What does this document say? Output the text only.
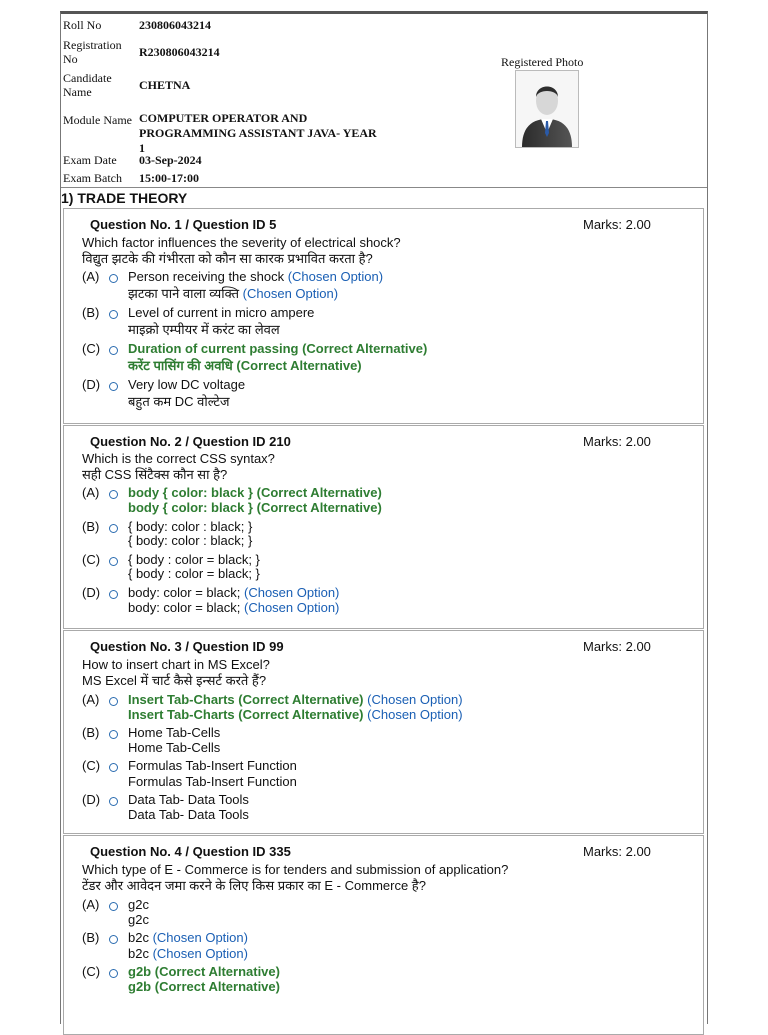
Roll No	230806043214
Registration No	R230806043214
Candidate Name	CHETNA
Module Name COMPUTER OPERATOR AND PROGRAMMING ASSISTANT JAVA- YEAR 1
Exam Date	03-Sep-2024
Exam Batch	15:00-17:00
Registered Photo
1) TRADE THEORY
Question No. 1 / Question ID 5	Marks: 2.00
Which factor influences the severity of electrical shock?
विद्युत झटके की गंभीरता को कौन सा कारक प्रभावित करता है?
(A) Person receiving the shock (Chosen Option)
झटका पाने वाला व्यक्ति (Chosen Option)
(B) Level of current in micro ampere
माइक्रो एम्पीयर में करंट का लेवल
(C) Duration of current passing (Correct Alternative)
करेंट पासिंग की अवधि (Correct Alternative)
(D) Very low DC voltage
बहुत कम DC वोल्टेज
Question No. 2 / Question ID 210	Marks: 2.00
Which is the correct CSS syntax?
सही CSS सिंटैक्स कौन सा है?
(A) body { color: black } (Correct Alternative)
body { color: black } (Correct Alternative)
(B) { body: color : black; }
{ body: color : black; }
(C) { body : color = black; }
{ body : color = black; }
(D) body: color = black; (Chosen Option)
body: color = black; (Chosen Option)
Question No. 3 / Question ID 99	Marks: 2.00
How to insert chart in MS Excel?
MS Excel में चार्ट कैसे इन्सर्ट करते हैं?
(A) Insert Tab-Charts (Correct Alternative) (Chosen Option)
Insert Tab-Charts (Correct Alternative) (Chosen Option)
(B) Home Tab-Cells
Home Tab-Cells
(C) Formulas Tab-Insert Function
Formulas Tab-Insert Function
(D) Data Tab- Data Tools
Data Tab- Data Tools
Question No. 4 / Question ID 335	Marks: 2.00
Which type of E - Commerce is for tenders and submission of application?
टेंडर और आवेदन जमा करने के लिए किस प्रकार का E - Commerce है?
(A) g2c
g2c
(B) b2c (Chosen Option)
b2c (Chosen Option)
(C) g2b (Correct Alternative)
g2b (Correct Alternative)
